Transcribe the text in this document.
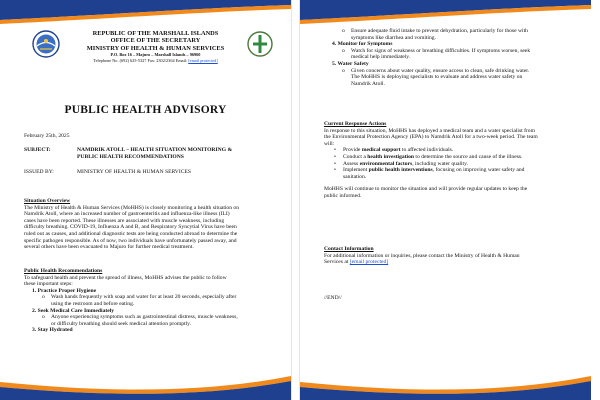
REPUBLIC OF THE MARSHALL ISLANDS
OFFICE OF THE SECRETARY
MINISTRY OF HEALTH & HUMAN SERVICES
P.O. Box 16 – Majuro – Marshall Islands – 96960
Telephone No. (692) 625-5327 Fax: 2302/2364 Email: [email protected]
PUBLIC HEALTH ADVISORY
February 25th, 2025
SUBJECT:	NAMDRIK ATOLL – HEALTH SITUATION MONITORING &
PUBLIC HEALTH RECOMMENDATIONS
ISSUED BY:	MINISTRY OF HEALTH & HUMAN SERVICES
Situation Overview
The Ministry of Health & Human Services (MoHHS) is closely monitoring a health situation on
Namdrik Atoll, where an increased number of gastroenteritis and influenza-like illness (ILI)
cases have been reported. These illnesses are associated with muscle weakness, including
difficulty breathing. COVID-19, Influenza A and B, and Respiratory Syncytial Virus have been
ruled out as causes, and additional diagnostic tests are being conducted abroad to determine the
specific pathogen responsible. As of now, two individuals have unfortunately passed away, and
several others have been evacuated to Majuro for further medical treatment.
Public Health Recommendations
To safeguard health and prevent the spread of illness, MoHHS advises the public to follow
these important steps:
1. Practice Proper Hygiene
o	Wash hands frequently with soap and water for at least 20 seconds, especially after
using the restroom and before eating.
2. Seek Medical Care Immediately
o	Anyone experiencing symptoms such as gastrointestinal distress, muscle weakness,
or difficulty breathing should seek medical attention promptly.
3. Stay Hydrated
o	Ensure adequate fluid intake to prevent dehydration, particularly for those with
symptoms like diarrhea and vomiting.
4. Monitor for Symptoms
o	Watch for signs of weakness or breathing difficulties. If symptoms worsen, seek
medical help immediately.
5. Water Safety
o	Given concerns about water quality, ensure access to clean, safe drinking water.
The MoHHS is deploying specialists to evaluate and address water safety on
Namdrik Atoll.
Current Response Actions
In response to this situation, MoHHS has deployed a medical team and a water specialist from
the Environmental Protection Agency (EPA) to Namdrik Atoll for a two-week period. The team
will:
•	Provide medical support to affected individuals.
•	Conduct a health investigation to determine the source and cause of the illness.
•	Assess environmental factors, including water quality.
•	Implement public health interventions, focusing on improving water safety and
sanitation.
MoHHS will continue to monitor the situation and will provide regular updates to keep the
public informed.
Contact Information
For additional information or inquiries, please contact the Ministry of Health & Human
Services at [email protected]
//END//
